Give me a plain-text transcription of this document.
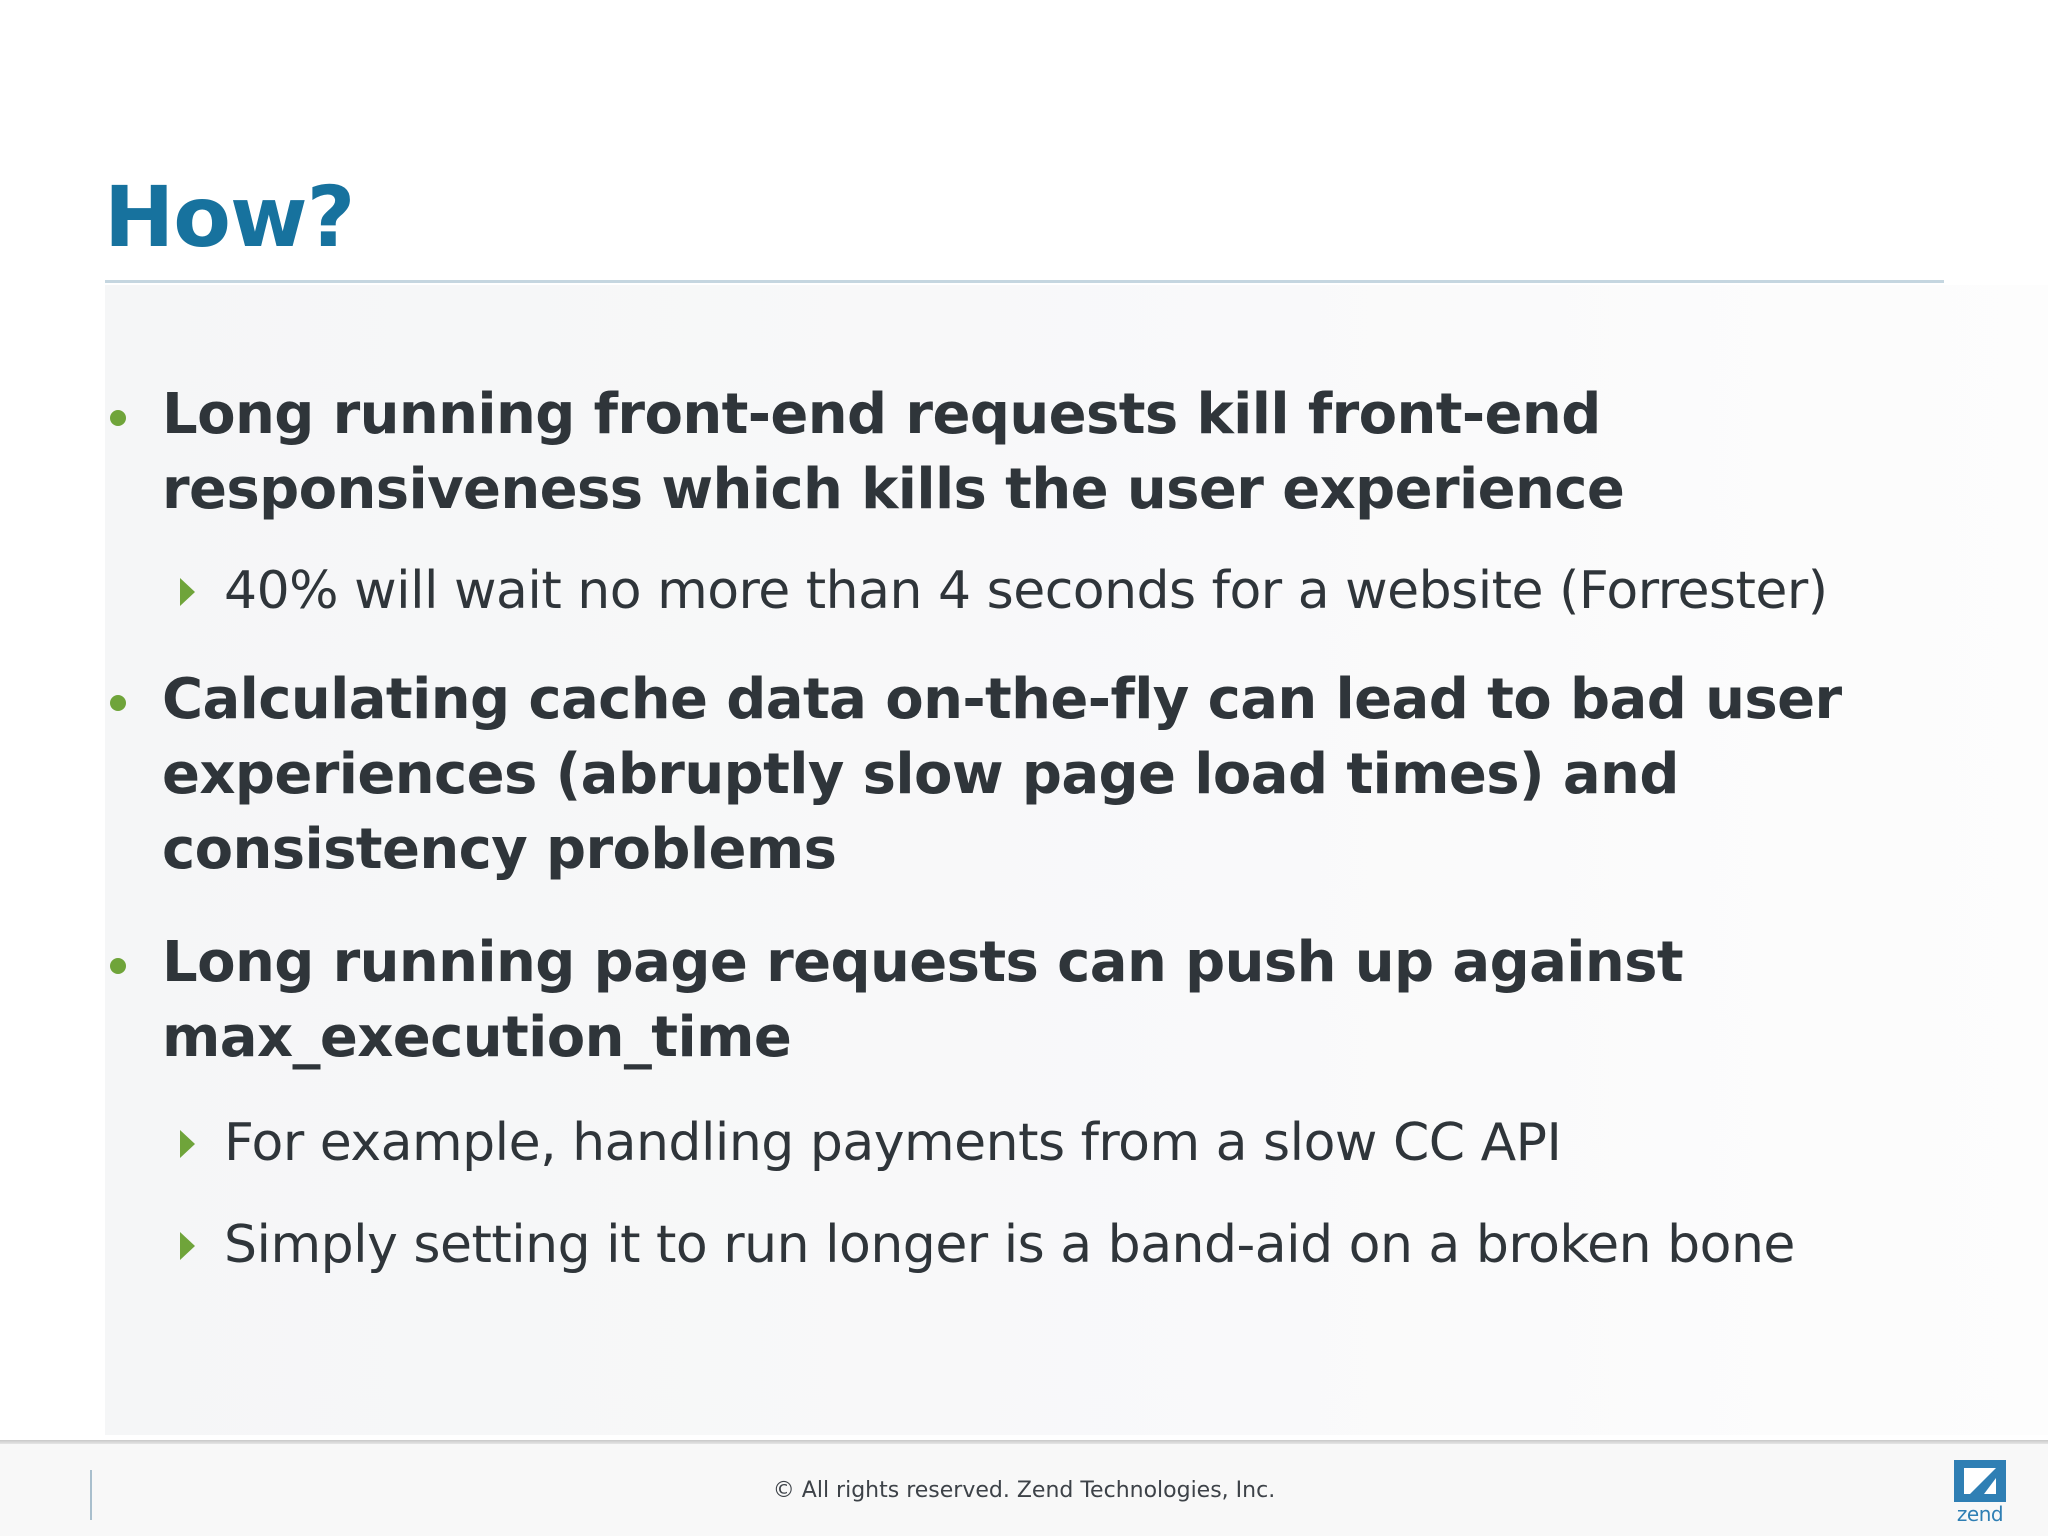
How?
Long running front-end requests kill front-end responsiveness which kills the user experience
40% will wait no more than 4 seconds for a website (Forrester)
Calculating cache data on-the-fly can lead to bad user experiences (abruptly slow page load times) and consistency problems
Long running page requests can push up against max_execution_time
For example, handling payments from a slow CC API
Simply setting it to run longer is a band-aid on a broken bone
© All rights reserved. Zend Technologies, Inc.
zend
